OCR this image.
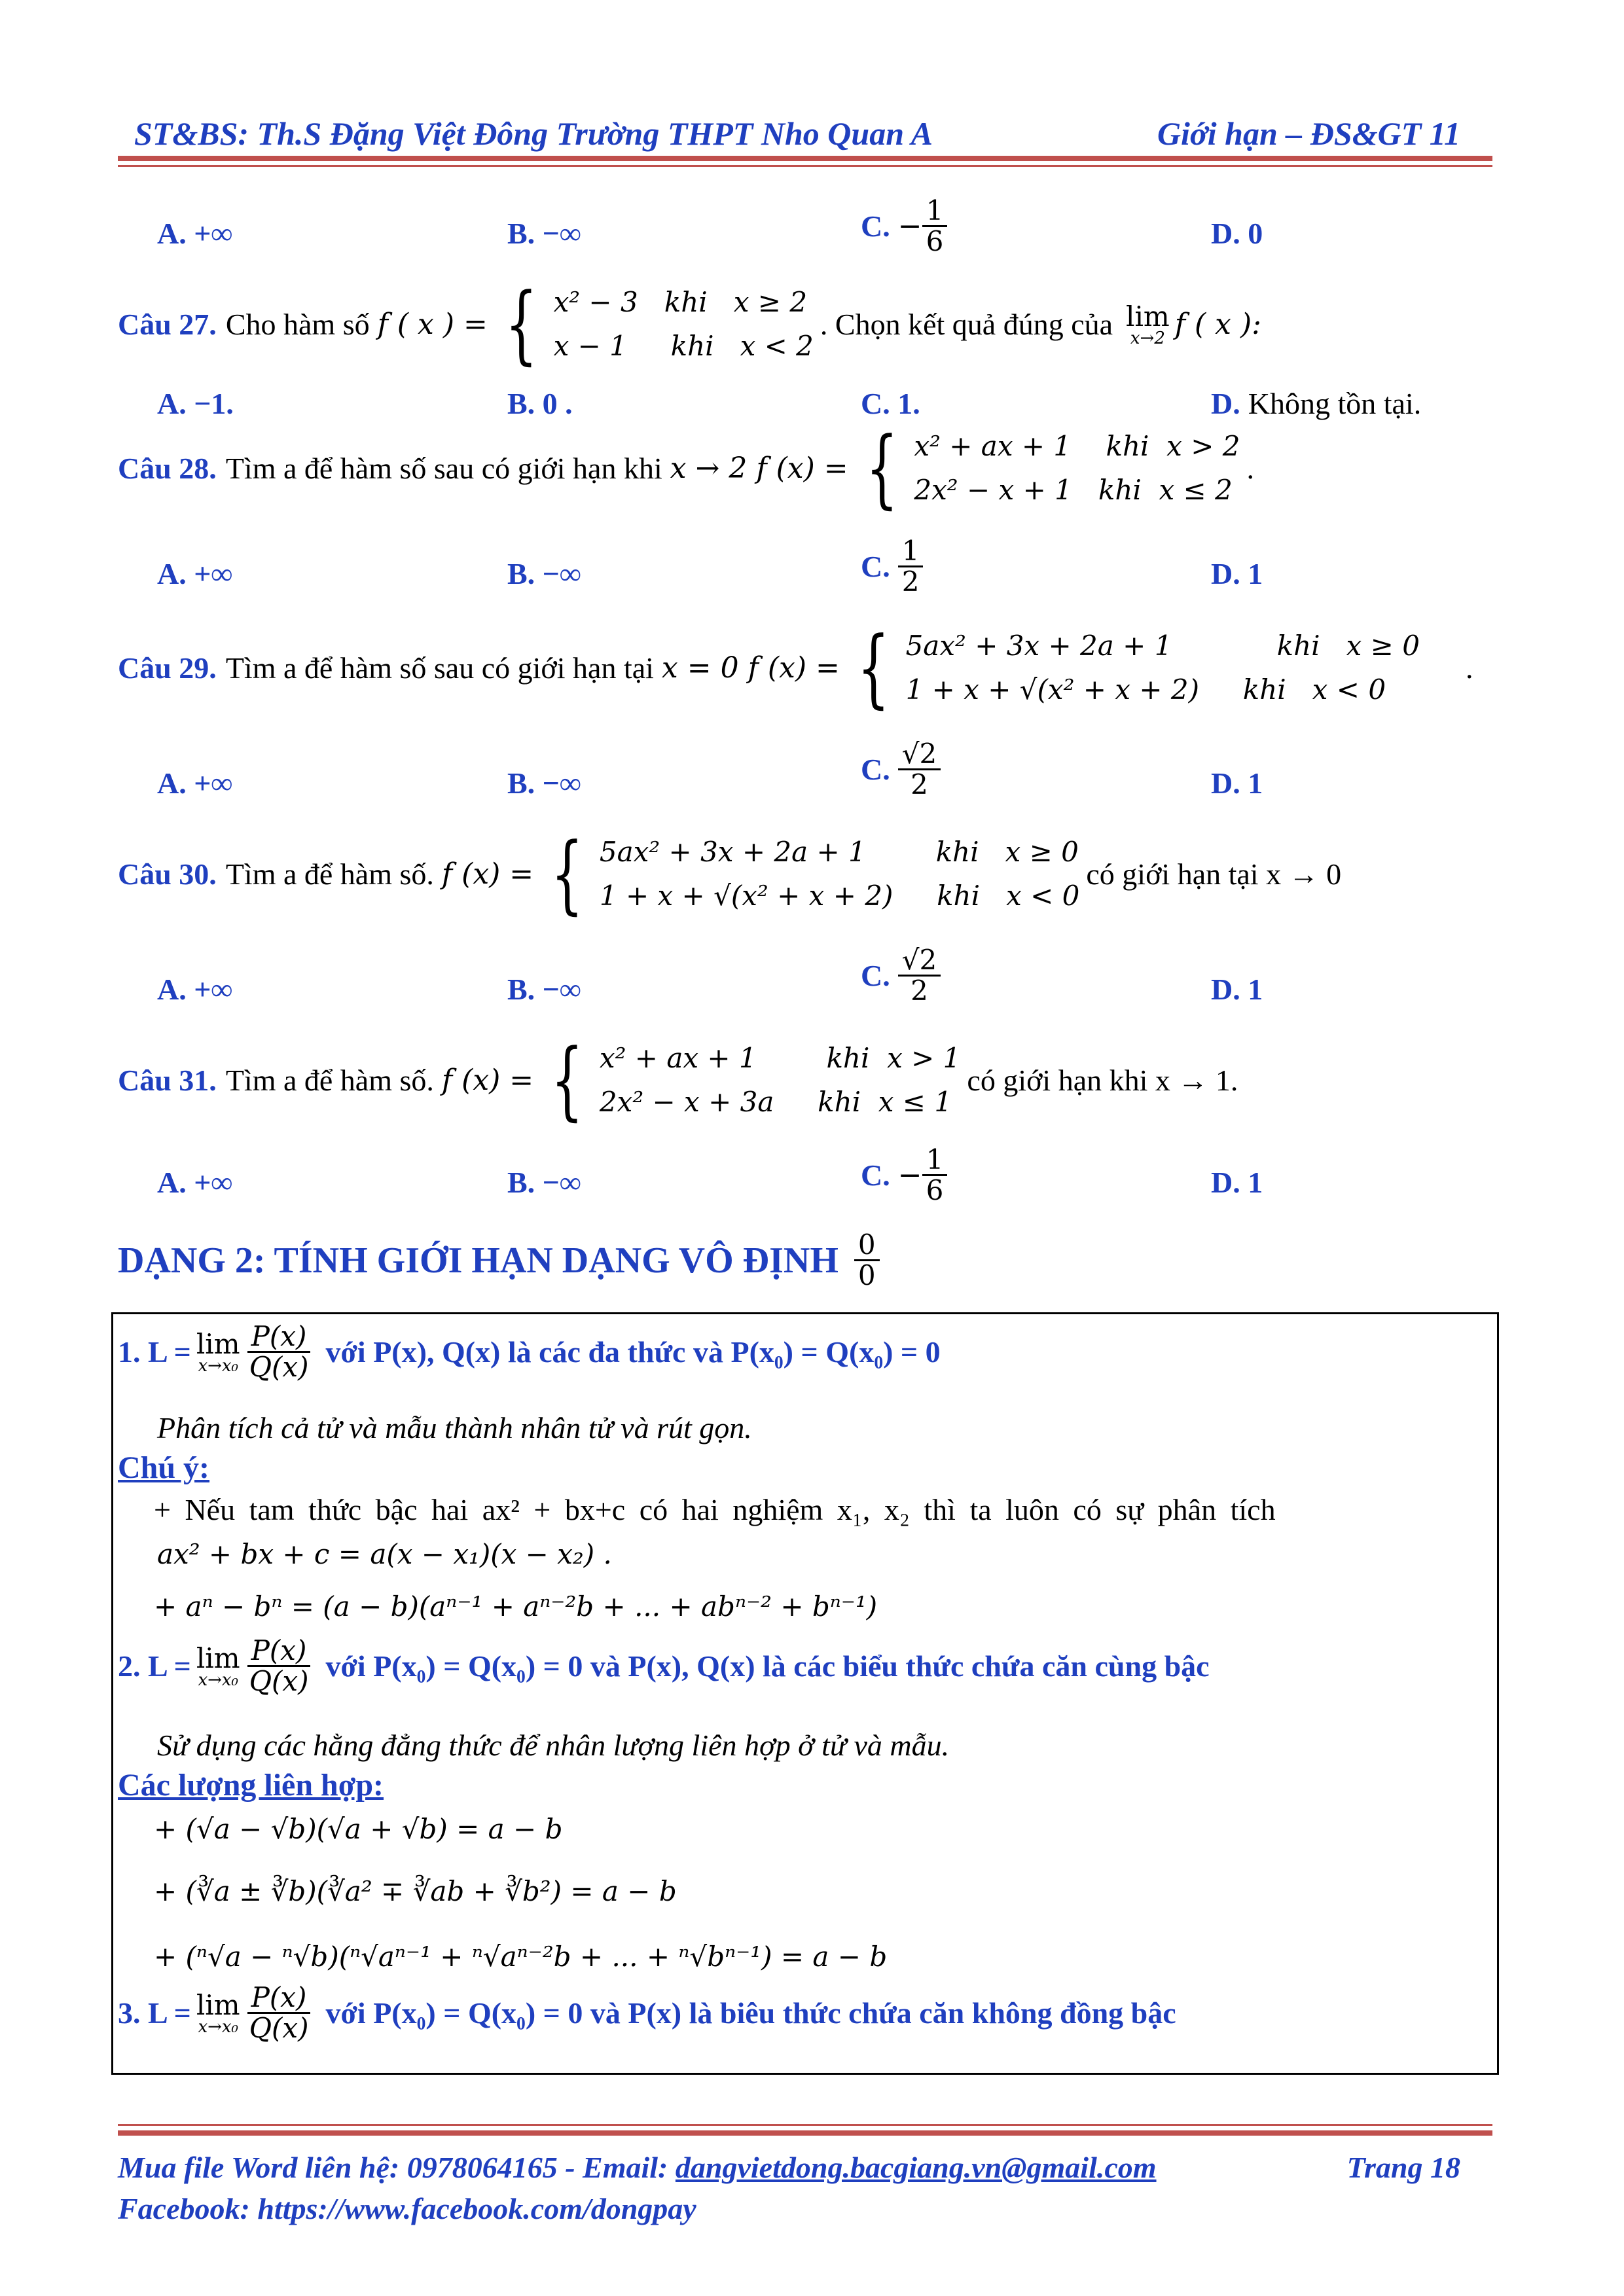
ST&BS: Th.S Đặng Việt Đông Trường THPT Nho Quan A	Giới hạn – ĐS&GT 11
A. +∞	B. −∞	C. − $\frac{1}{6}$	D. 0
Câu 27. Cho hàm số f ( x ) = { x² − 3   khi   x ≥ 2
x − 1     khi   x < 2
. Chọn kết quả đúng của lim
x→2 f ( x ):
A. −1.	B. 0 .	C. 1.	D. Không tồn tại.
Câu 28. Tìm a để hàm số sau có giới hạn khi x → 2 f (x) = { x² + ax + 1    khi  x > 2
2x² − x + 1   khi  x ≤ 2
.
A. +∞	B. −∞	C. $\frac{1}{2}$	D. 1
Câu 29. Tìm a để hàm số sau có giới hạn tại x = 0 f (x) = { 5ax² + 3x + 2a + 1            khi   x ≥ 0
1 + x + √(x² + x + 2)     khi   x < 0
.
A. +∞	B. −∞	C. $\frac{√2}{2}$	D. 1
Câu 30. Tìm a để hàm số. f (x) = { 5ax² + 3x + 2a + 1        khi   x ≥ 0
1 + x + √(x² + x + 2)     khi   x < 0
có giới hạn tại x → 0
A. +∞	B. −∞	C. $\frac{√2}{2}$	D. 1
Câu 31. Tìm a để hàm số. f (x) = { x² + ax + 1        khi  x > 1
2x² − x + 3a     khi  x ≤ 1
có giới hạn khi x → 1.
A. +∞	B. −∞	C. − $\frac{1}{6}$	D. 1
DẠNG 2: TÍNH GIỚI HẠN DẠNG VÔ ĐỊNH $\frac{0}{0}$
1. L = lim
$x\to x_0 \frac{P(x)}{Q(x)}$ với P(x), Q(x) là các đa thức và P(x₀) = Q(x₀) = 0
Phân tích cả tử và mẫu thành nhân tử và rút gọn.
Chú ý:
+ Nếu tam thức bậc hai ax² + bx+c có hai nghiệm x₁, x₂ thì ta luôn có sự phân tích
ax² + bx + c = a(x − x₁)(x − x₂) .
+ aⁿ − bⁿ = (a − b)(aⁿ⁻¹ + aⁿ⁻²b + ... + abⁿ⁻² + bⁿ⁻¹)
2. L = lim
$x\to x_0 \frac{P(x)}{Q(x)}$ với P(x₀) = Q(x₀) = 0 và P(x), Q(x) là các biểu thức chứa căn cùng bậc
Sử dụng các hằng đẳng thức để nhân lượng liên hợp ở tử và mẫu.
Các lượng liên hợp:
+ (√a − √b)(√a + √b) = a − b
+ (∛a ± ∛b)(∛a² ∓ ∛ab + ∛b²) = a − b
+ (ⁿ√a − ⁿ√b)(ⁿ√aⁿ⁻¹ + ⁿ√aⁿ⁻²b + ... + ⁿ√bⁿ⁻¹) = a − b
3. L = lim
$x\to x_0 \frac{P(x)}{Q(x)}$ với P(x₀) = Q(x₀) = 0 và P(x) là biêu thức chứa căn không đồng bậc
Mua file Word liên hệ: 0978064165 - Email: dangvietdong.bacgiang.vn@gmail.com	Trang 18
Facebook: https://www.facebook.com/dongpay
